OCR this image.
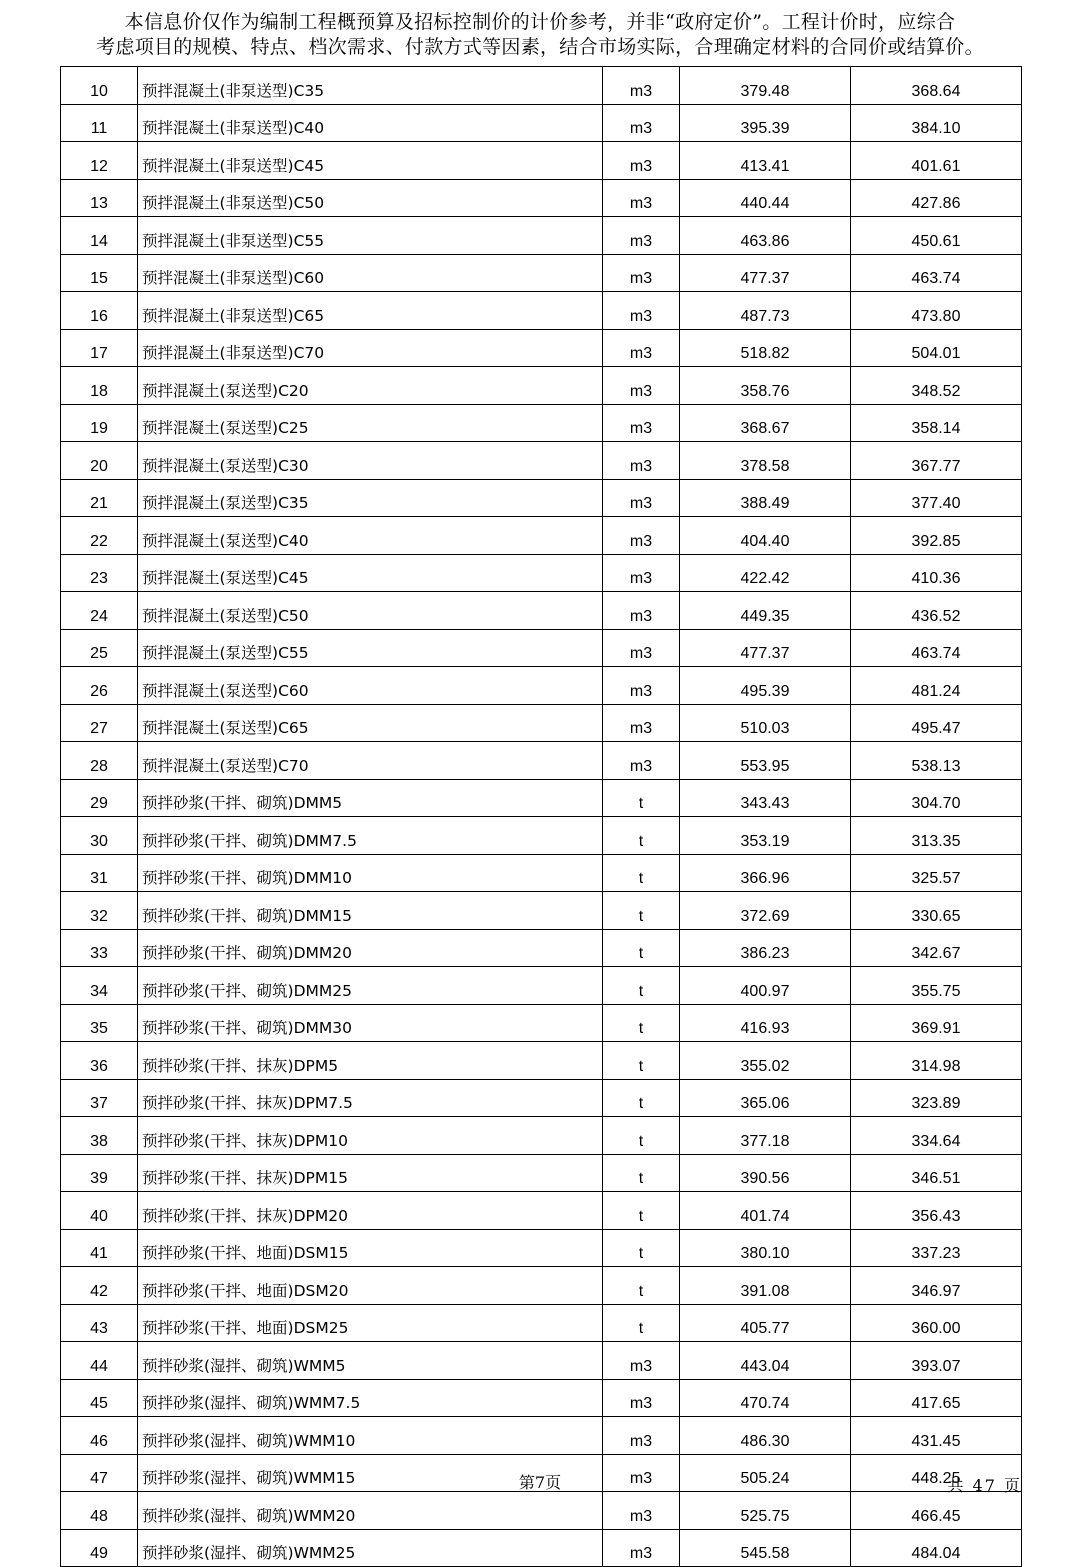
本信息价仅作为编制工程概预算及招标控制价的计价参考，并非“政府定价”。工程计价时，应综合
考虑项目的规模、特点、档次需求、付款方式等因素，结合市场实际，合理确定材料的合同价或结算价。
10	预拌混凝土(非泵送型)C35	m3	379.48	368.64
11	预拌混凝土(非泵送型)C40	m3	395.39	384.10
12	预拌混凝土(非泵送型)C45	m3	413.41	401.61
13	预拌混凝土(非泵送型)C50	m3	440.44	427.86
14	预拌混凝土(非泵送型)C55	m3	463.86	450.61
15	预拌混凝土(非泵送型)C60	m3	477.37	463.74
16	预拌混凝土(非泵送型)C65	m3	487.73	473.80
17	预拌混凝土(非泵送型)C70	m3	518.82	504.01
18	预拌混凝土(泵送型)C20	m3	358.76	348.52
19	预拌混凝土(泵送型)C25	m3	368.67	358.14
20	预拌混凝土(泵送型)C30	m3	378.58	367.77
21	预拌混凝土(泵送型)C35	m3	388.49	377.40
22	预拌混凝土(泵送型)C40	m3	404.40	392.85
23	预拌混凝土(泵送型)C45	m3	422.42	410.36
24	预拌混凝土(泵送型)C50	m3	449.35	436.52
25	预拌混凝土(泵送型)C55	m3	477.37	463.74
26	预拌混凝土(泵送型)C60	m3	495.39	481.24
27	预拌混凝土(泵送型)C65	m3	510.03	495.47
28	预拌混凝土(泵送型)C70	m3	553.95	538.13
29	预拌砂浆(干拌、砌筑)DMM5	t	343.43	304.70
30	预拌砂浆(干拌、砌筑)DMM7.5	t	353.19	313.35
31	预拌砂浆(干拌、砌筑)DMM10	t	366.96	325.57
32	预拌砂浆(干拌、砌筑)DMM15	t	372.69	330.65
33	预拌砂浆(干拌、砌筑)DMM20	t	386.23	342.67
34	预拌砂浆(干拌、砌筑)DMM25	t	400.97	355.75
35	预拌砂浆(干拌、砌筑)DMM30	t	416.93	369.91
36	预拌砂浆(干拌、抹灰)DPM5	t	355.02	314.98
37	预拌砂浆(干拌、抹灰)DPM7.5	t	365.06	323.89
38	预拌砂浆(干拌、抹灰)DPM10	t	377.18	334.64
39	预拌砂浆(干拌、抹灰)DPM15	t	390.56	346.51
40	预拌砂浆(干拌、抹灰)DPM20	t	401.74	356.43
41	预拌砂浆(干拌、地面)DSM15	t	380.10	337.23
42	预拌砂浆(干拌、地面)DSM20	t	391.08	346.97
43	预拌砂浆(干拌、地面)DSM25	t	405.77	360.00
44	预拌砂浆(湿拌、砌筑)WMM5	m3	443.04	393.07
45	预拌砂浆(湿拌、砌筑)WMM7.5	m3	470.74	417.65
46	预拌砂浆(湿拌、砌筑)WMM10	m3	486.30	431.45
47	预拌砂浆(湿拌、砌筑)WMM15	m3	505.24	448.25
48	预拌砂浆(湿拌、砌筑)WMM20	m3	525.75	466.45
49	预拌砂浆(湿拌、砌筑)WMM25	m3	545.58	484.04
第7页	共 47 页
